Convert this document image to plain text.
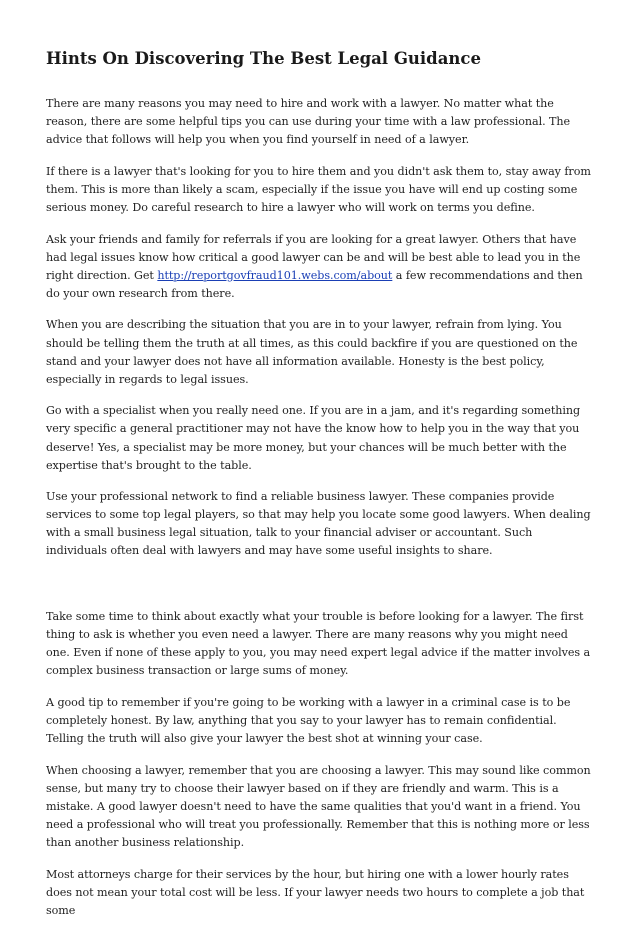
Hints On Discovering The Best Legal Guidance

There are many reasons you may need to hire and work with a lawyer. No matter what the reason, there are some helpful tips you can use during your time with a law professional. The advice that follows will help you when you find yourself in need of a lawyer.

If there is a lawyer that's looking for you to hire them and you didn't ask them to, stay away from them. This is more than likely a scam, especially if the issue you have will end up costing some serious money. Do careful research to hire a lawyer who will work on terms you define.

Ask your friends and family for referrals if you are looking for a great lawyer. Others that have had legal issues know how critical a good lawyer can be and will be best able to lead you in the right direction. Get http://reportgovfraud101.webs.com/about a few recommendations and then do your own research from there.

When you are describing the situation that you are in to your lawyer, refrain from lying. You should be telling them the truth at all times, as this could backfire if you are questioned on the stand and your lawyer does not have all information available. Honesty is the best policy, especially in regards to legal issues.

Go with a specialist when you really need one. If you are in a jam, and it's regarding something very specific a general practitioner may not have the know how to help you in the way that you deserve! Yes, a specialist may be more money, but your chances will be much better with the expertise that's brought to the table.

Use your professional network to find a reliable business lawyer. These companies provide services to some top legal players, so that may help you locate some good lawyers. When dealing with a small business legal situation, talk to your financial adviser or accountant. Such individuals often deal with lawyers and may have some useful insights to share.

Take some time to think about exactly what your trouble is before looking for a lawyer. The first thing to ask is whether you even need a lawyer. There are many reasons why you might need one. Even if none of these apply to you, you may need expert legal advice if the matter involves a complex business transaction or large sums of money.

A good tip to remember if you're going to be working with a lawyer in a criminal case is to be completely honest. By law, anything that you say to your lawyer has to remain confidential. Telling the truth will also give your lawyer the best shot at winning your case.

When choosing a lawyer, remember that you are choosing a lawyer. This may sound like common sense, but many try to choose their lawyer based on if they are friendly and warm. This is a mistake. A good lawyer doesn't need to have the same qualities that you'd want in a friend. You need a professional who will treat you professionally. Remember that this is nothing more or less than another business relationship.

Most attorneys charge for their services by the hour, but hiring one with a lower hourly rates does not mean your total cost will be less. If your lawyer needs two hours to complete a job that some
